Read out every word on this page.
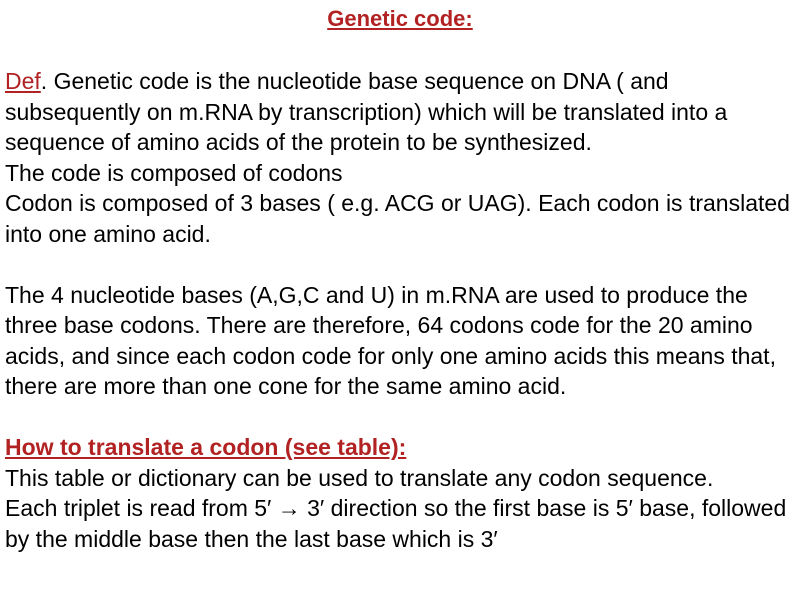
Genetic code:

Def. Genetic code is the nucleotide base sequence on DNA ( and subsequently on m.RNA by transcription) which will be translated into a sequence of amino acids of the protein to be synthesized.

The code is composed of codons

Codon is composed of 3 bases ( e.g. ACG or UAG). Each codon is translated into one amino acid.

The 4 nucleotide bases (A,G,C and U) in m.RNA are used to produce the three base codons. There are therefore, 64 codons code for the 20 amino acids, and since each codon code for only one amino acids this means that, there are more than one cone for the same amino acid.

How to translate a codon (see table):

This table or dictionary can be used to translate any codon sequence.

Each triplet is read from 5′ → 3′ direction so the first base is 5′ base, followed by the middle base then the last base which is 3′
